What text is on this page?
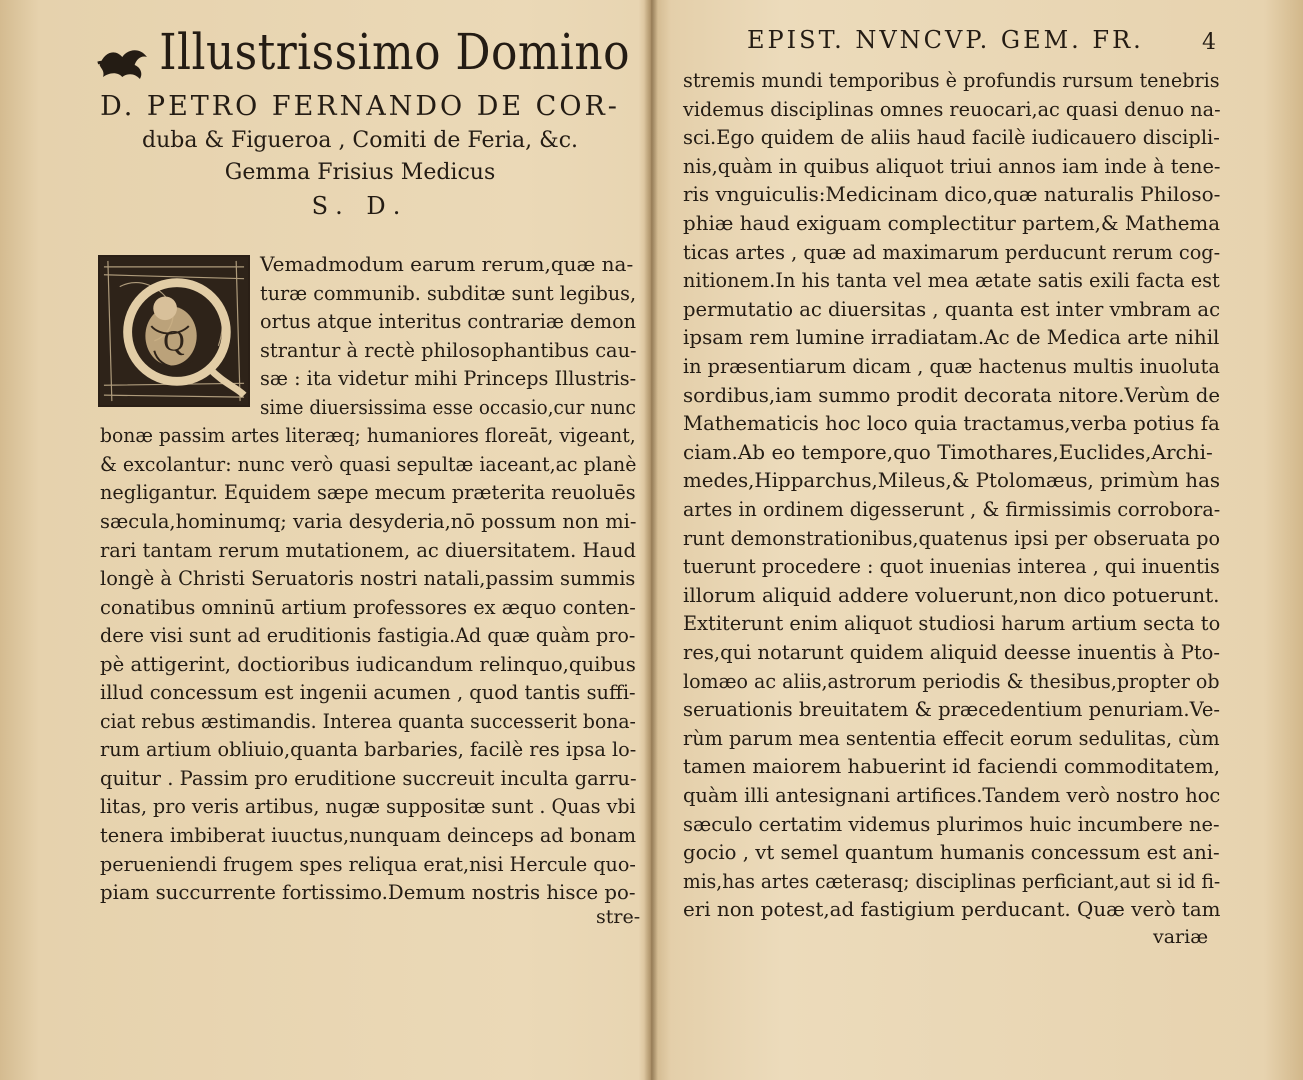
Illustrissimo Domino
D. PETRO FERNANDO DE COR-
duba & Figueroa , Comiti de Feria, &c.
Gemma Frisius Medicus
S. D.
Q
Vemadmodum earum rerum,quæ na-
turæ communib. subditæ sunt legibus,
ortus atque interitus contrariæ demon
strantur à rectè philosophantibus cau-
sæ : ita videtur mihi Princeps Illustris-
sime diuersissima esse occasio,cur nunc
bonæ passim artes literæq; humaniores floreāt, vigeant,
& excolantur: nunc verò quasi sepultæ iaceant,ac planè
negligantur. Equidem sæpe mecum præterita reuoluēs
sæcula,hominumq; varia desyderia,nō possum non mi-
rari tantam rerum mutationem, ac diuersitatem. Haud
longè à Christi Seruatoris nostri natali,passim summis
conatibus omninū artium professores ex æquo conten-
dere visi sunt ad eruditionis fastigia.Ad quæ quàm pro-
pè attigerint, doctioribus iudicandum relinquo,quibus
illud concessum est ingenii acumen , quod tantis suffi-
ciat rebus æstimandis. Interea quanta successerit bona-
rum artium obliuio,quanta barbaries, facilè res ipsa lo-
quitur . Passim pro eruditione succreuit inculta garru-
litas, pro veris artibus, nugæ suppositæ sunt . Quas vbi
tenera imbiberat iuuctus,nunquam deinceps ad bonam
perueniendi frugem spes reliqua erat,nisi Hercule quo-
piam succurrente fortissimo.Demum nostris hisce po-
stre-
EPIST. NVNCVP. GEM. FR.	4
stremis mundi temporibus è profundis rursum tenebris
videmus disciplinas omnes reuocari,ac quasi denuo na-
sci.Ego quidem de aliis haud facilè iudicauero discipli-
nis,quàm in quibus aliquot triui annos iam inde à tene-
ris vnguiculis:Medicinam dico,quæ naturalis Philoso-
phiæ haud exiguam complectitur partem,& Mathema
ticas artes , quæ ad maximarum perducunt rerum cog-
nitionem.In his tanta vel mea ætate satis exili facta est
permutatio ac diuersitas , quanta est inter vmbram ac
ipsam rem lumine irradiatam.Ac de Medica arte nihil
in præsentiarum dicam , quæ hactenus multis inuoluta
sordibus,iam summo prodit decorata nitore.Verùm de
Mathematicis hoc loco quia tractamus,verba potius fa
ciam.Ab eo tempore,quo Timothares,Euclides,Archi-
medes,Hipparchus,Mileus,& Ptolomæus, primùm has
artes in ordinem digesserunt , & firmissimis corrobora-
runt demonstrationibus,quatenus ipsi per obseruata po
tuerunt procedere : quot inuenias interea , qui inuentis
illorum aliquid addere voluerunt,non dico potuerunt.
Extiterunt enim aliquot studiosi harum artium secta to
res,qui notarunt quidem aliquid deesse inuentis à Pto-
lomæo ac aliis,astrorum periodis & thesibus,propter ob
seruationis breuitatem & præcedentium penuriam.Ve-
rùm parum mea sententia effecit eorum sedulitas, cùm
tamen maiorem habuerint id faciendi commoditatem,
quàm illi antesignani artifices.Tandem verò nostro hoc
sæculo certatim videmus plurimos huic incumbere ne-
gocio , vt semel quantum humanis concessum est ani-
mis,has artes cæterasq; disciplinas perficiant,aut si id fi-
eri non potest,ad fastigium perducant. Quæ verò tam
variæ
